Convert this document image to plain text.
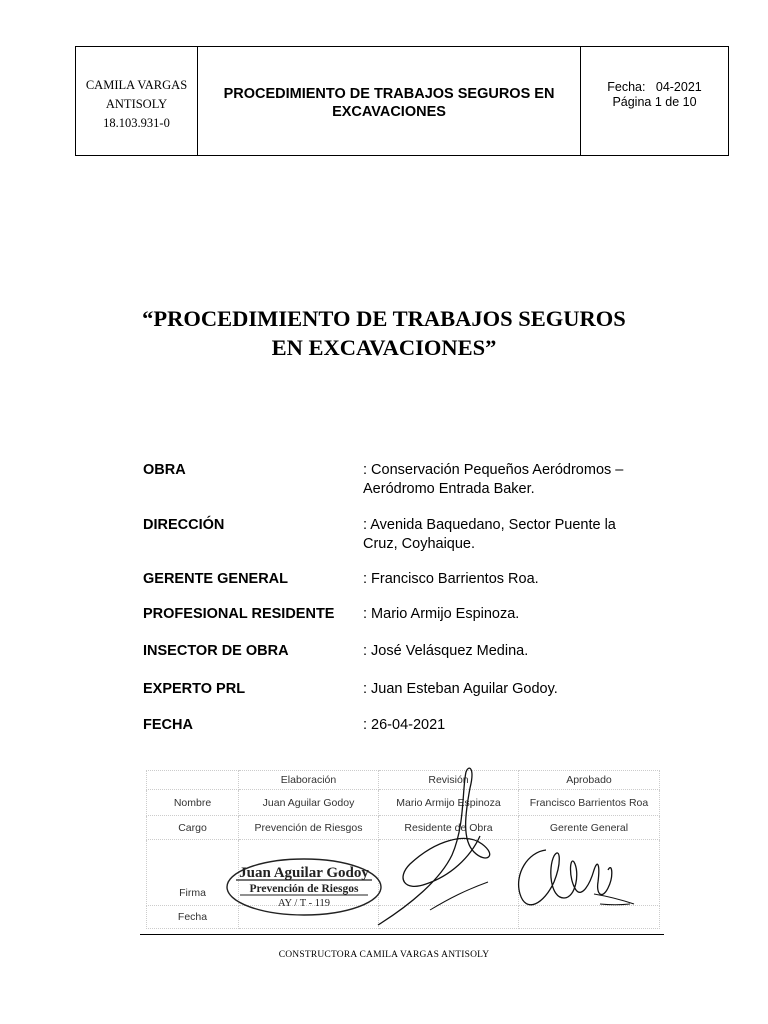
CAMILA VARGAS
ANTISOLY
18.103.931-0
PROCEDIMIENTO DE TRABAJOS SEGUROS EN
EXCAVACIONES
Fecha:   04-2021
Página 1 de 10
“PROCEDIMIENTO DE TRABAJOS SEGUROS
EN EXCAVACIONES”
OBRA	: Conservación Pequeños Aeródromos –
Aeródromo Entrada Baker.
DIRECCIÓN	: Avenida Baquedano, Sector Puente la
Cruz, Coyhaique.
GERENTE GENERAL	: Francisco Barrientos Roa.
PROFESIONAL RESIDENTE : Mario Armijo Espinoza.
INSECTOR DE OBRA	: José Velásquez Medina.
EXPERTO PRL	: Juan Esteban Aguilar Godoy.
FECHA	: 26-04-2021
	Elaboración	Revisión	Aprobado
Nombre	Juan Aguilar Godoy	Mario Armijo Espinoza	Francisco Barrientos Roa
Cargo	Prevención de Riesgos	Residente de Obra	Gerente General
Firma			
Fecha			
Juan Aguilar Godoy
Prevención de Riesgos
AY / T - 119
CONSTRUCTORA CAMILA VARGAS ANTISOLY
